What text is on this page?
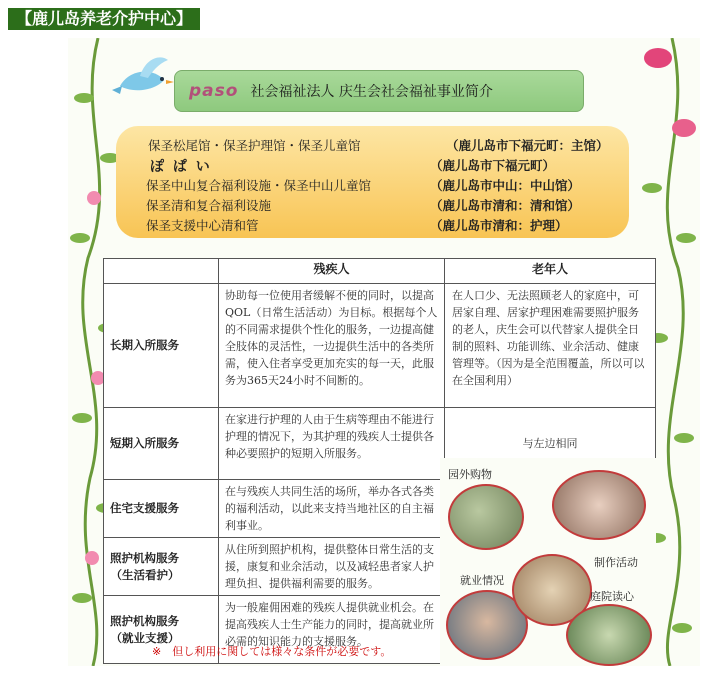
【鹿儿岛养老介护中心】
paso 社会福祉法人 庆生会社会福祉事业简介
保圣松尾馆・保圣护理馆・保圣儿童馆	（鹿儿岛市下福元町：主馆）
ぽ ぱ い	（鹿儿岛市下福元町）
保圣中山复合福利设施・保圣中山儿童馆	（鹿儿岛市中山：中山馆）
保圣清和复合福利设施	（鹿儿岛市清和：清和馆）
保圣支援中心清和管	（鹿儿岛市清和：护理）
	残疾人	老年人
长期入所服务	协助每一位使用者缓解不便的同时，以提高QOL（日常生活活动）为目标。根据每个人的不同需求提供个性化的服务，一边提高健全肢体的灵活性，一边提供生活中的各类所需，使入住者享受更加充实的每一天，此服务为365天24小时不间断的。	在人口少、无法照顾老人的家庭中，可居家自理、居家护理困难需要照护服务的老人，庆生会可以代替家人提供全日制的照料、功能训练、业余活动、健康管理等。（因为是全范围覆盖，所以可以在全国利用）
短期入所服务	在家进行护理的人由于生病等理由不能进行护理的情况下，为其护理的残疾人士提供各种必要照护的短期入所服务。	与左边相同
住宅支援服务	在与残疾人共同生活的场所，举办各式各类的福利活动，以此来支持当地社区的自主福利事业。	
照护机构服务
（生活看护）	从住所到照护机构，提供整体日常生活的支援，康复和业余活动，以及减轻患者家人护理负担、提供福利需要的服务。	
照护机构服务
（就业支援）	为一般雇佣困难的残疾人提供就业机会。在提高残疾人士生产能力的同时，提高就业所必需的知识能力的支援服务。	
园外购物
制作活动
就业情况
庭院读心
※　但し利用に関しては様々な条件が必要です。
